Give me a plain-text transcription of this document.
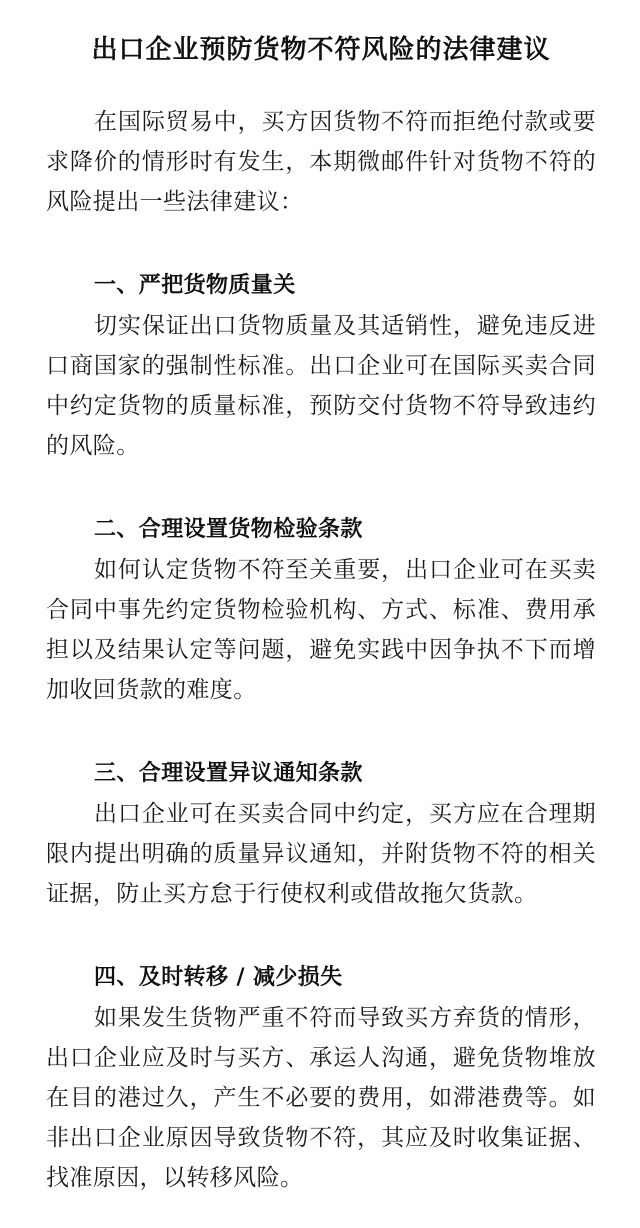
出口企业预防货物不符风险的法律建议

在国际贸易中，买方因货物不符而拒绝付款或要求降价的情形时有发生，本期微邮件针对货物不符的风险提出一些法律建议：

一、严把货物质量关

切实保证出口货物质量及其适销性，避免违反进口商国家的强制性标准。出口企业可在国际买卖合同中约定货物的质量标准，预防交付货物不符导致违约的风险。

二、合理设置货物检验条款

如何认定货物不符至关重要，出口企业可在买卖合同中事先约定货物检验机构、方式、标准、费用承担以及结果认定等问题，避免实践中因争执不下而增加收回货款的难度。

三、合理设置异议通知条款

出口企业可在买卖合同中约定，买方应在合理期限内提出明确的质量异议通知，并附货物不符的相关证据，防止买方怠于行使权利或借故拖欠货款。

四、及时转移 / 减少损失

如果发生货物严重不符而导致买方弃货的情形，出口企业应及时与买方、承运人沟通，避免货物堆放在目的港过久，产生不必要的费用，如滞港费等。如非出口企业原因导致货物不符，其应及时收集证据、找准原因，以转移风险。
